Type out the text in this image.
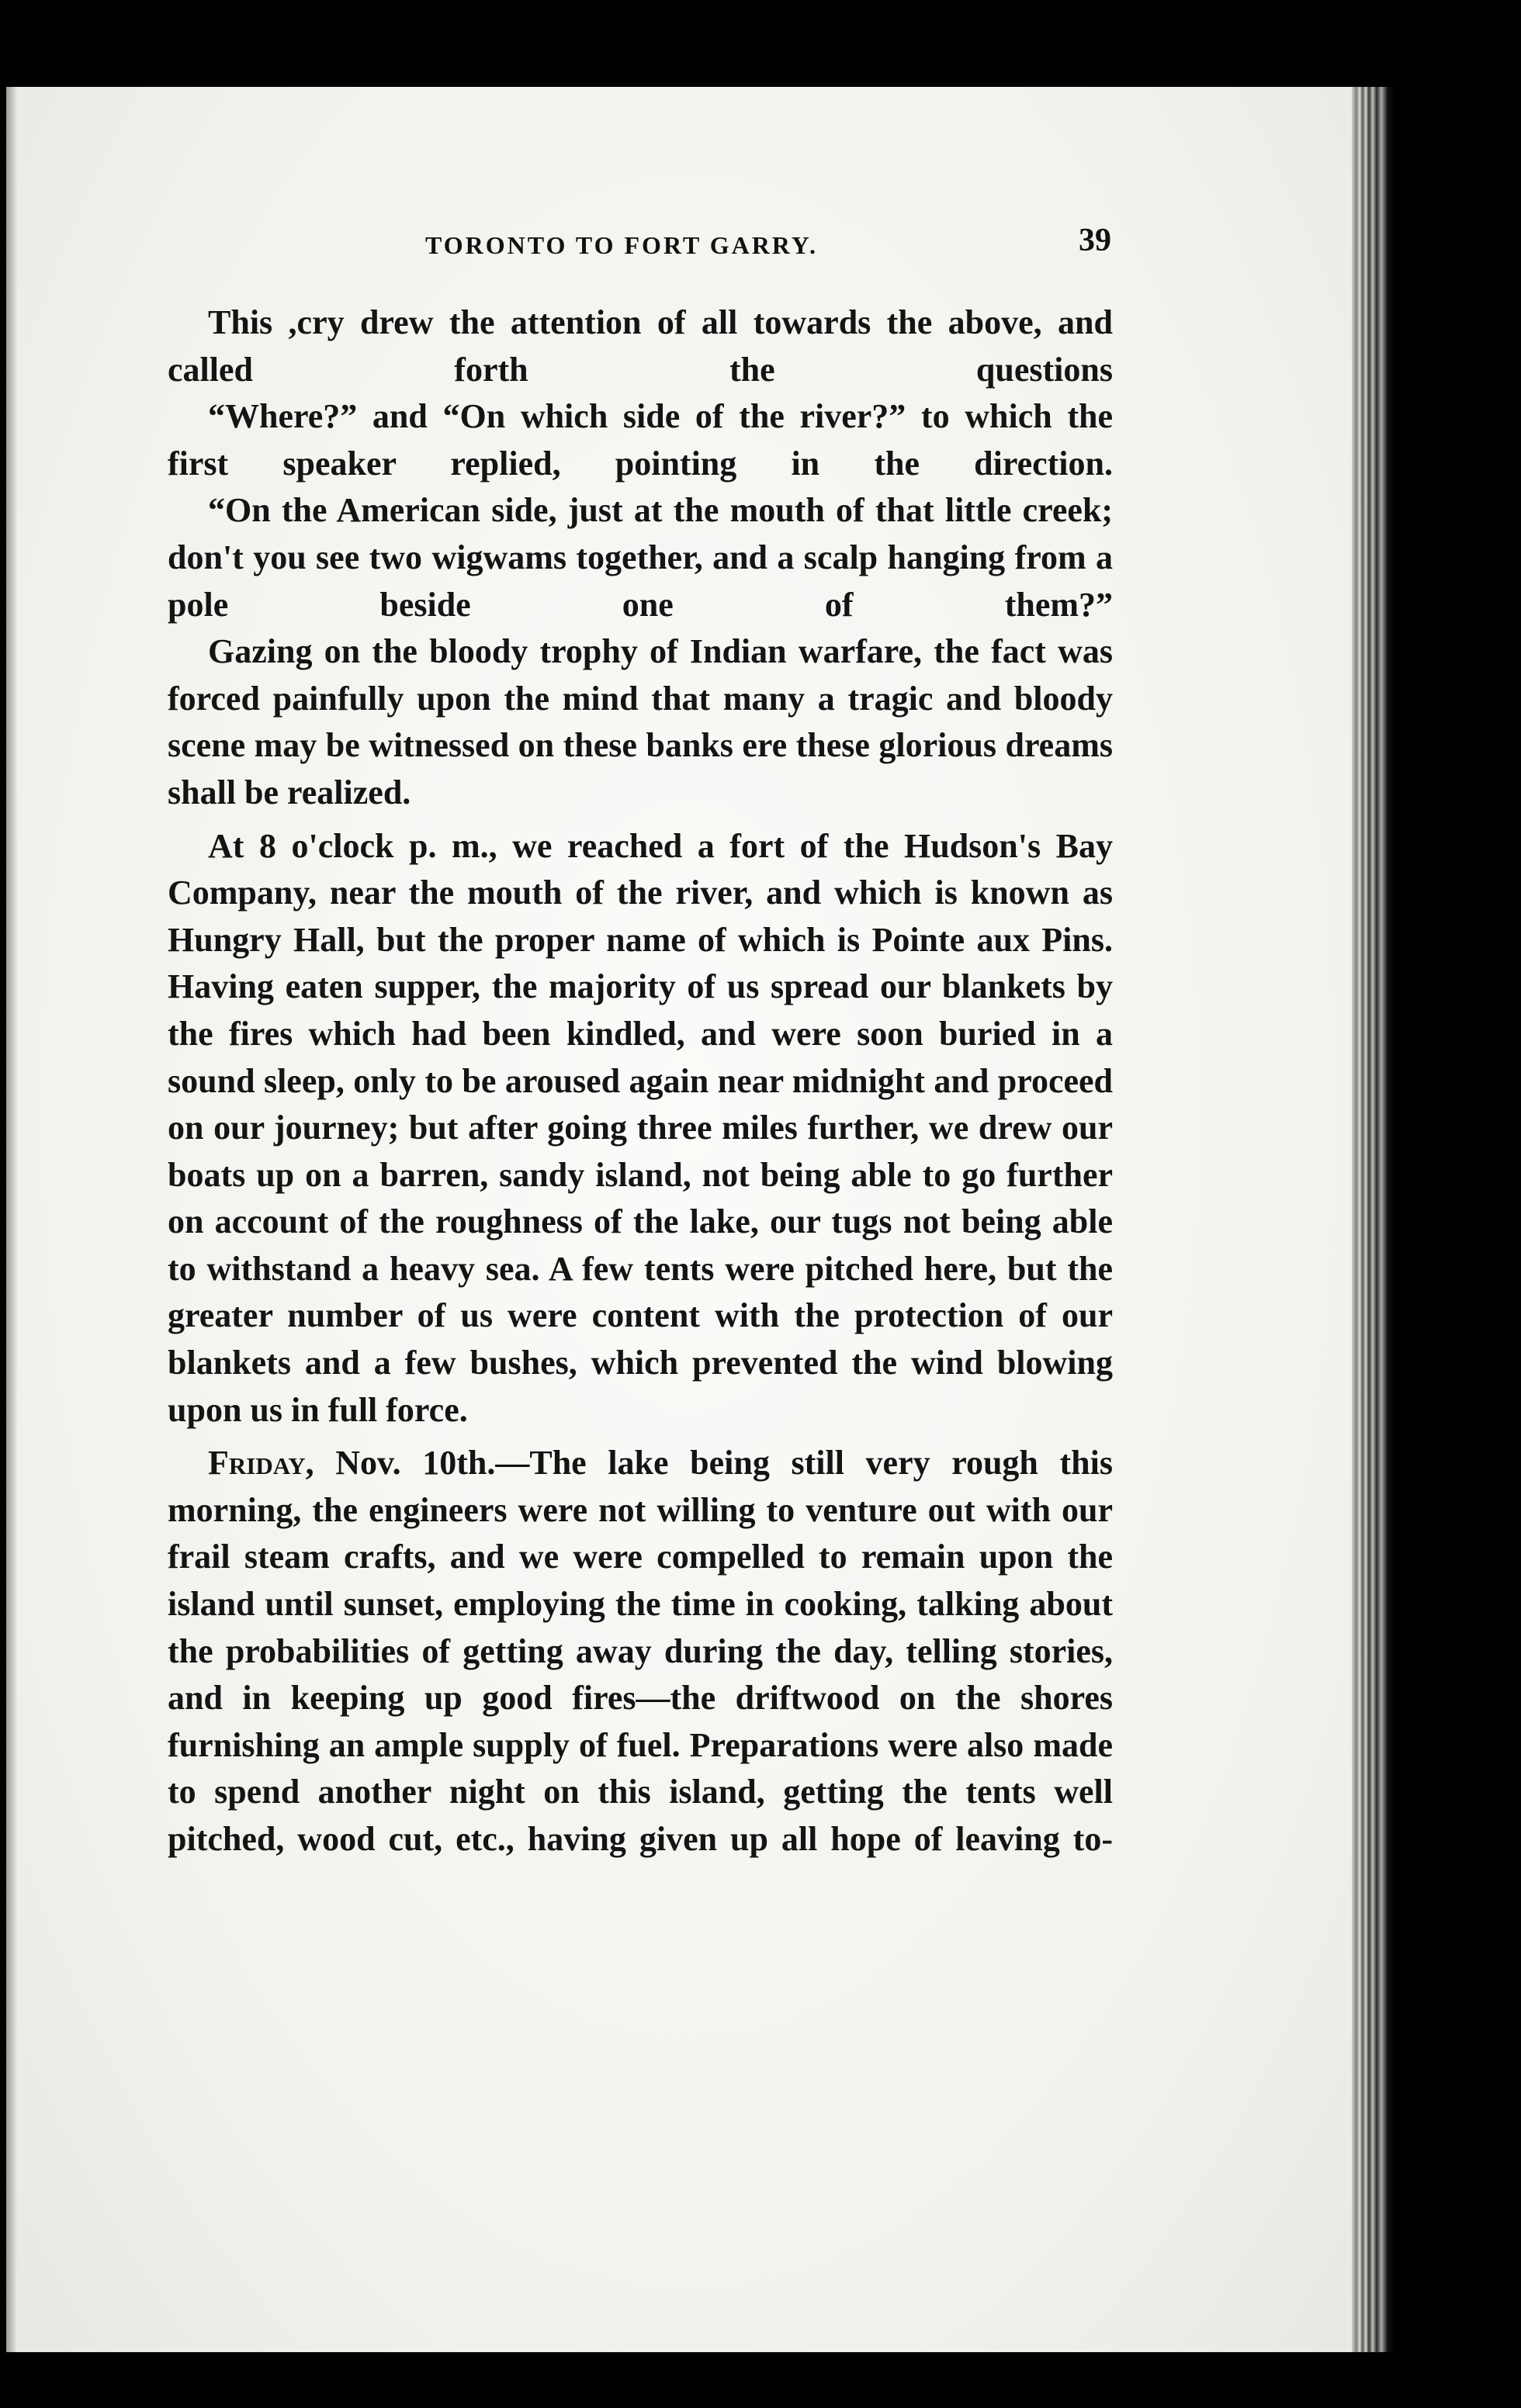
TORONTO TO FORT GARRY.	39

This ,cry drew the attention of all towards the above, and called forth the questions

“Where?” and “On which side of the river?” to which the first speaker replied, pointing in the direction.

“On the American side, just at the mouth of that little creek; don't you see two wigwams together, and a scalp hanging from a pole beside one of them?”

Gazing on the bloody trophy of Indian warfare, the fact was forced painfully upon the mind that many a tragic and bloody scene may be witnessed on these banks ere these glorious dreams shall be realized.

At 8 o'clock p. m., we reached a fort of the Hudson's Bay Company, near the mouth of the river, and which is known as Hungry Hall, but the proper name of which is Pointe aux Pins. Having eaten supper, the majority of us spread our blankets by the fires which had been kindled, and were soon buried in a sound sleep, only to be aroused again near midnight and proceed on our journey; but after going three miles further, we drew our boats up on a barren, sandy island, not being able to go further on account of the roughness of the lake, our tugs not being able to withstand a heavy sea. A few tents were pitched here, but the greater number of us were content with the protection of our blankets and a few bushes, which prevented the wind blowing upon us in full force.

Friday, Nov. 10th.—The lake being still very rough this morning, the engineers were not willing to venture out with our frail steam crafts, and we were compelled to remain upon the island until sunset, employing the time in cooking, talking about the probabilities of getting away during the day, telling stories, and in keeping up good fires—the driftwood on the shores furnishing an ample supply of fuel. Preparations were also made to spend another night on this island, getting the tents well pitched, wood cut, etc., having given up all hope of leaving to-
